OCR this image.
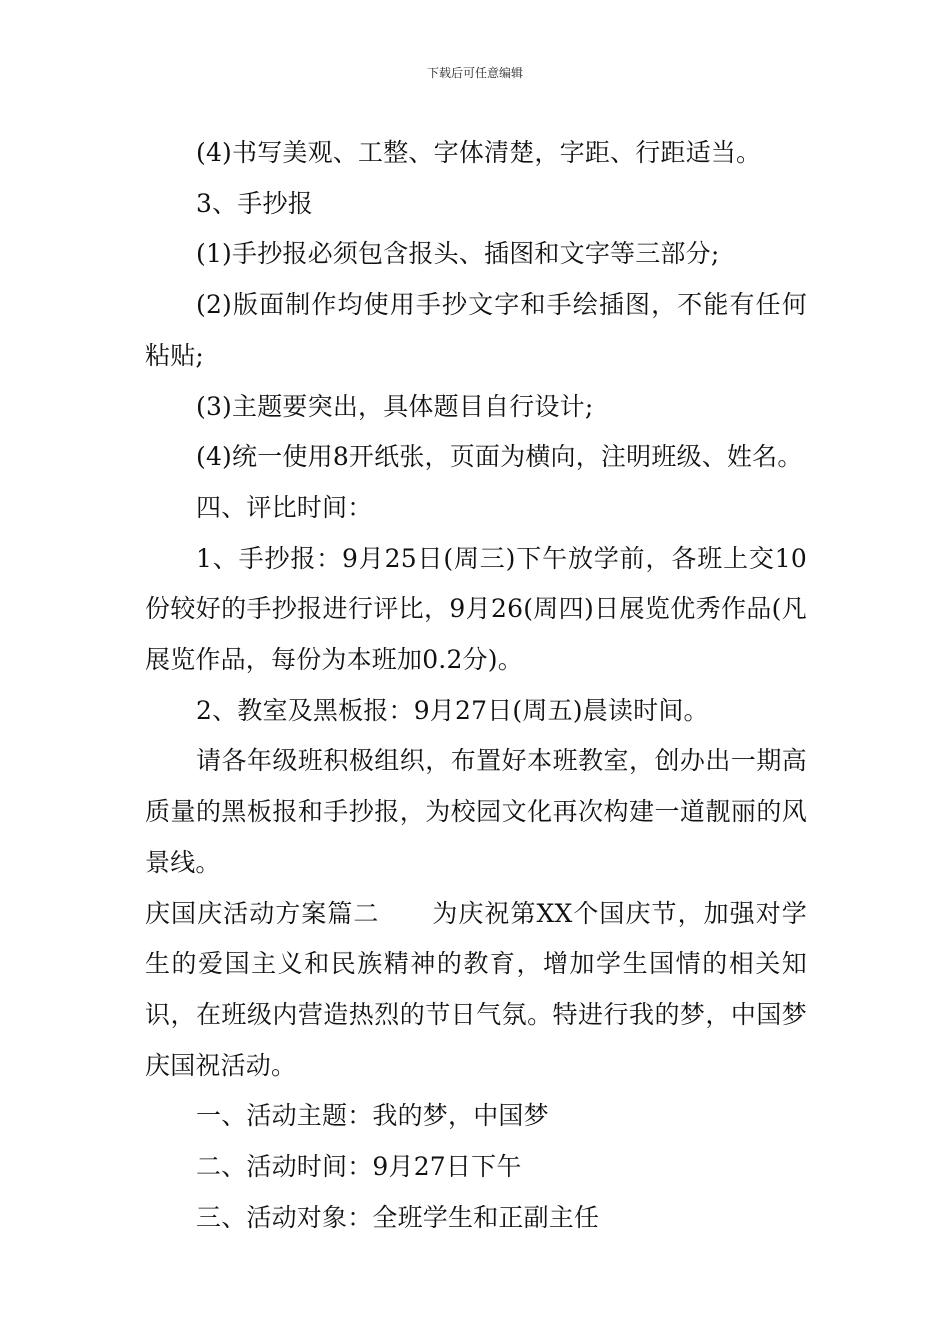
下载后可任意编辑

(4)书写美观、工整、字体清楚，字距、行距适当。

3、手抄报

(1)手抄报必须包含报头、插图和文字等三部分;

(2)版面制作均使用手抄文字和手绘插图，不能有任何粘贴;

(3)主题要突出，具体题目自行设计;

(4)统一使用8开纸张，页面为横向，注明班级、姓名。

四、评比时间：

1、手抄报：9月25日(周三)下午放学前，各班上交10份较好的手抄报进行评比，9月26(周四)日展览优秀作品(凡展览作品，每份为本班加0.2分)。

2、教室及黑板报：9月27日(周五)晨读时间。

请各年级班积极组织，布置好本班教室，创办出一期高质量的黑板报和手抄报，为校园文化再次构建一道靓丽的风景线。

庆国庆活动方案篇二 为庆祝第XX个国庆节，加强对学生的爱国主义和民族精神的教育，增加学生国情的相关知识，在班级内营造热烈的节日气氛。特进行我的梦，中国梦庆国祝活动。

一、活动主题：我的梦，中国梦

二、活动时间：9月27日下午

三、活动对象：全班学生和正副主任
